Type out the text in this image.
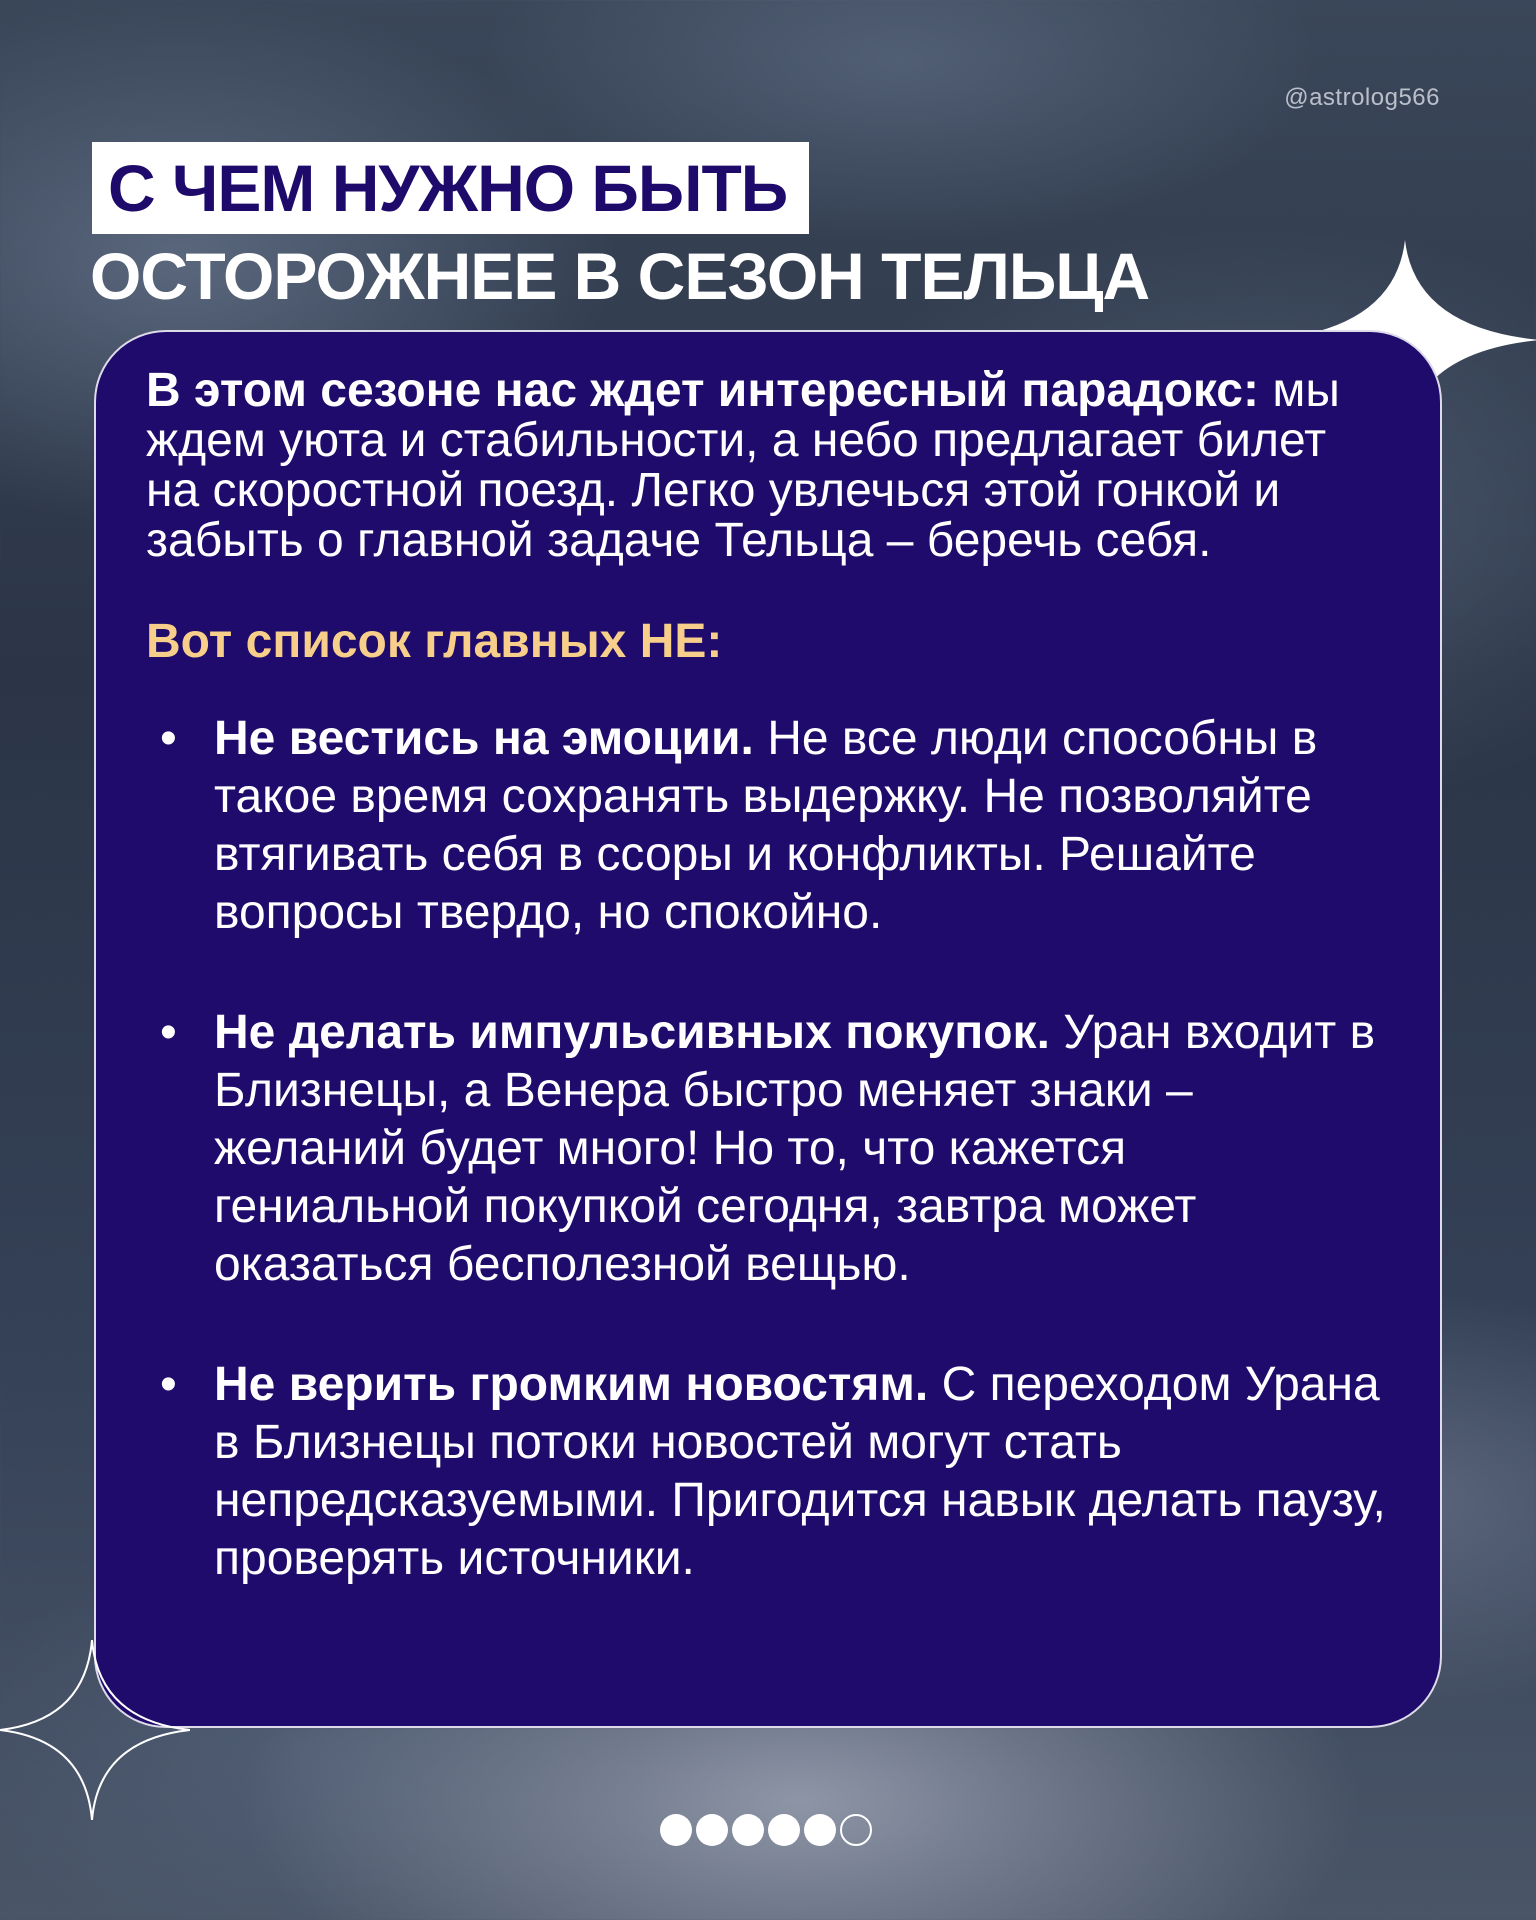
@astrolog566
С ЧЕМ НУЖНО БЫТЬ
ОСТОРОЖНЕЕ В СЕЗОН ТЕЛЬЦА

В этом сезоне нас ждет интересный парадокс: мы ждем уюта и стабильности, а небо предлагает билет на скоростной поезд. Легко увлечься этой гонкой и забыть о главной задаче Тельца – беречь себя.

Вот список главных НЕ:
• Не вестись на эмоции. Не все люди способны в такое время сохранять выдержку. Не позволяйте втягивать себя в ссоры и конфликты. Решайте вопросы твердо, но спокойно.
• Не делать импульсивных покупок. Уран входит в Близнецы, а Венера быстро меняет знаки – желаний будет много! Но то, что кажется гениальной покупкой сегодня, завтра может оказаться бесполезной вещью.
• Не верить громким новостям. С переходом Урана в Близнецы потоки новостей могут стать непредсказуемыми. Пригодится навык делать паузу, проверять источники.
